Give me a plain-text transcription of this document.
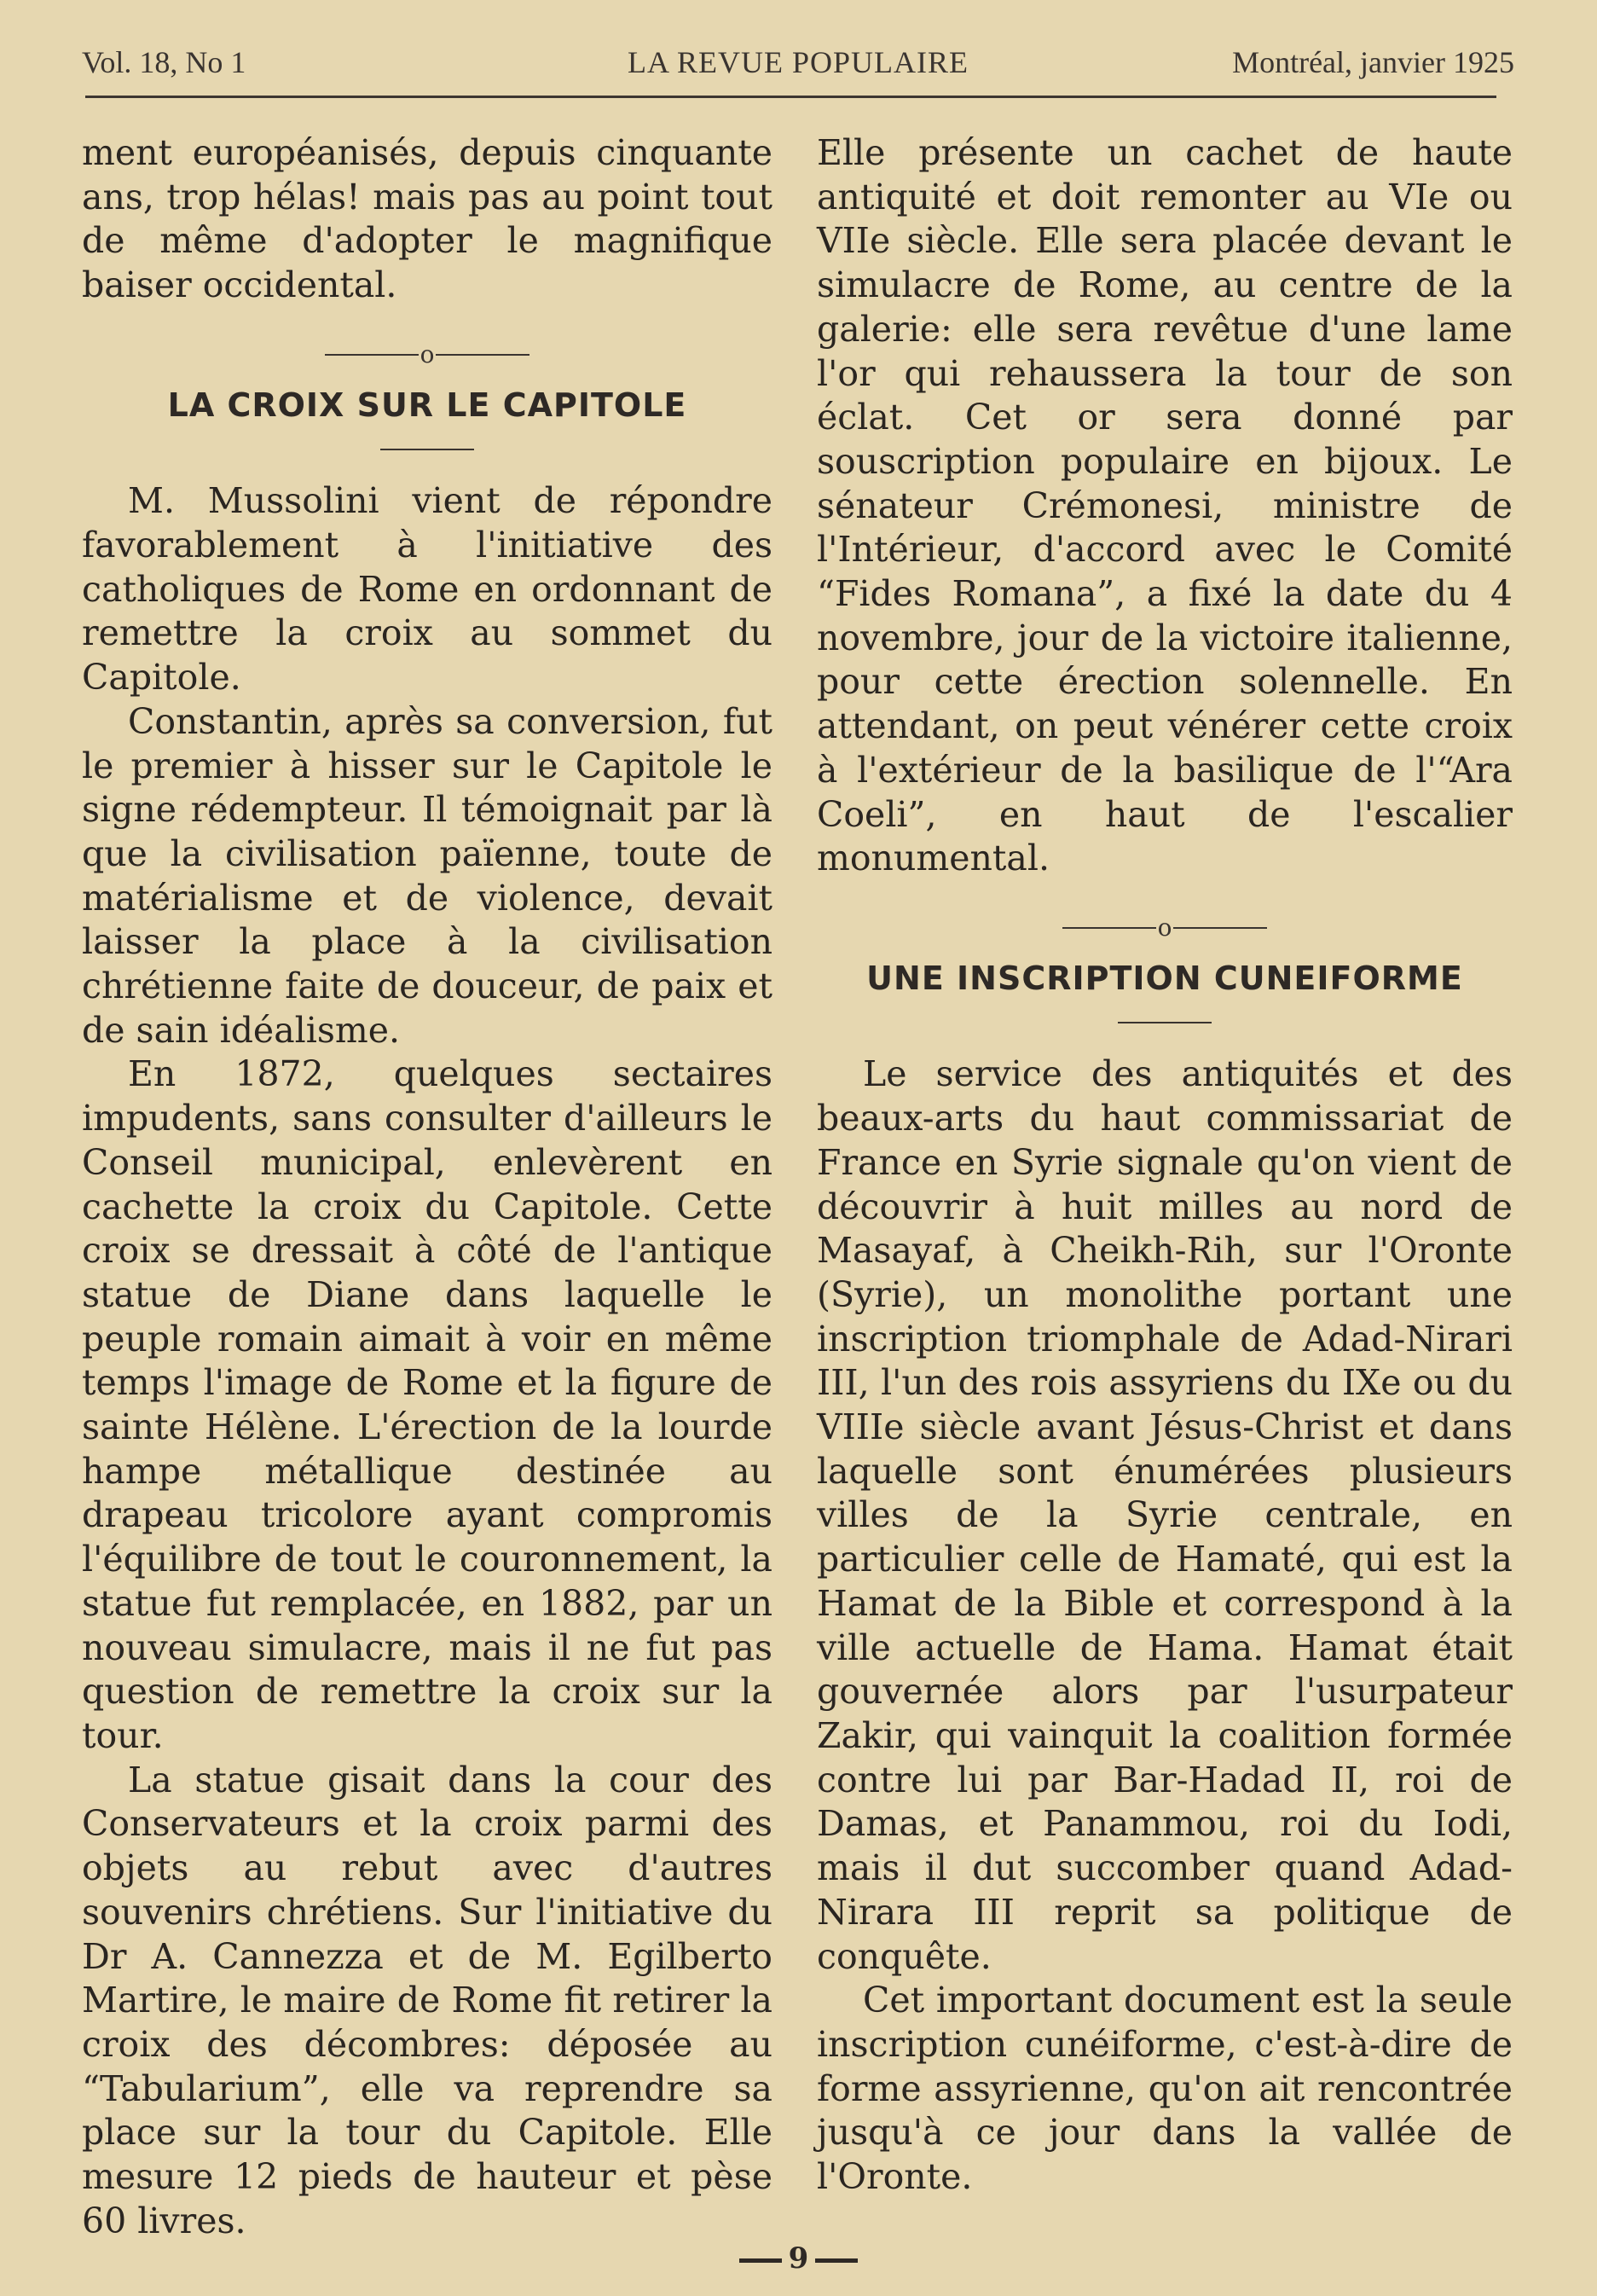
Vol. 18, No 1	LA REVUE POPULAIRE	Montréal, janvier 1925

ment européanisés, depuis cinquante ans, trop hélas! mais pas au point tout de même d'adopter le magnifique baiser occidental.

o
LA CROIX SUR LE CAPITOLE

M. Mussolini vient de répondre favorablement à l'initiative des catholiques de Rome en ordonnant de remettre la croix au sommet du Capitole.

Constantin, après sa conversion, fut le premier à hisser sur le Capitole le signe rédempteur. Il témoignait par là que la civilisation païenne, toute de matérialisme et de violence, devait laisser la place à la civilisation chrétienne faite de douceur, de paix et de sain idéalisme.

En 1872, quelques sectaires impudents, sans consulter d'ailleurs le Conseil municipal, enlevèrent en cachette la croix du Capitole. Cette croix se dressait à côté de l'antique statue de Diane dans laquelle le peuple romain aimait à voir en même temps l'image de Rome et la figure de sainte Hélène. L'érection de la lourde hampe métallique destinée au drapeau tricolore ayant compromis l'équilibre de tout le couronnement, la statue fut remplacée, en 1882, par un nouveau simulacre, mais il ne fut pas question de remettre la croix sur la tour.

La statue gisait dans la cour des Conservateurs et la croix parmi des objets au rebut avec d'autres souvenirs chrétiens. Sur l'initiative du Dr A. Cannezza et de M. Egilberto Martire, le maire de Rome fit retirer la croix des décombres: déposée au “Tabularium”, elle va reprendre sa place sur la tour du Capitole. Elle mesure 12 pieds de hauteur et pèse 60 livres.

Elle présente un cachet de haute antiquité et doit remonter au VIe ou VIIe siècle. Elle sera placée devant le simulacre de Rome, au centre de la galerie: elle sera revêtue d'une lame l'or qui rehaussera la tour de son éclat. Cet or sera donné par souscription populaire en bijoux. Le sénateur Crémonesi, ministre de l'Intérieur, d'accord avec le Comité “Fides Romana”, a fixé la date du 4 novembre, jour de la victoire italienne, pour cette érection solennelle. En attendant, on peut vénérer cette croix à l'extérieur de la basilique de l'“Ara Coeli”, en haut de l'escalier monumental.

o
UNE INSCRIPTION CUNEIFORME

Le service des antiquités et des beaux-arts du haut commissariat de France en Syrie signale qu'on vient de découvrir à huit milles au nord de Masayaf, à Cheikh-Rih, sur l'Oronte (Syrie), un monolithe portant une inscription triomphale de Adad-Nirari III, l'un des rois assyriens du IXe ou du VIIIe siècle avant Jésus-Christ et dans laquelle sont énumérées plusieurs villes de la Syrie centrale, en particulier celle de Hamaté, qui est la Hamat de la Bible et correspond à la ville actuelle de Hama. Hamat était gouvernée alors par l'usurpateur Zakir, qui vainquit la coalition formée contre lui par Bar-Hadad II, roi de Damas, et Panammou, roi du Iodi, mais il dut succomber quand Adad-Nirara III reprit sa politique de conquête.

Cet important document est la seule inscription cunéiforme, c'est-à-dire de forme assyrienne, qu'on ait rencontrée jusqu'à ce jour dans la vallée de l'Oronte.

9
